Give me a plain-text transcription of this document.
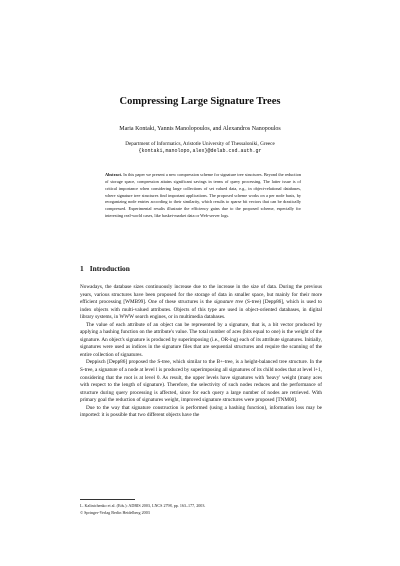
Compressing Large Signature Trees
Maria Kontaki, Yannis Manolopoulos, and Alexandros Nanopoulos
Department of Informatics, Aristotle University of Thessaloniki, Greece
{kontaki,manolopo,alex}@delab.csd.auth.gr
Abstract. In this paper we present a new compression scheme for signature tree structures. Beyond the reduction of storage space, compression attains significant savings in terms of query processing. The latter issue is of critical importance when considering large collections of set valued data, e.g., in object-relational databases, where signature tree structures find important applications. The proposed scheme works on a per node basis, by reorganizing node entries according to their similarity, which results to sparse bit vectors that can be drastically compressed. Experimental results illustrate the efficiency gains due to the proposed scheme, especially for interesting real-world cases, like basket-market data or Web-server logs.
1 Introduction

Nowadays, the database sizes continuously increase due to the increase in the size of data. During the previous years, various structures have been proposed for the storage of data in smaller space, but mainly for their more efficient processing [WMB99]. One of these structures is the signature tree (S-tree) [Depp86], which is used to index objects with multi-valued attributes. Objects of this type are used in object-oriented databases, in digital library systems, in WWW search engines, or in multimedia databases.

The value of each attribute of an object can be represented by a signature, that is, a bit vector produced by applying a hashing function on the attribute's value. The total number of aces (bits equal to one) is the weight of the signature. An object's signature is produced by superimposing (i.e., OR-ing) each of its attribute signatures. Initially, signatures were used as indices in the signature files that are sequential structures and require the scanning of the entire collection of signatures.

Deppisch [Depp86] proposed the S-tree, which similar to the B+-tree, is a height-balanced tree structure. In the S-tree, a signature of a node at level l is produced by superimposing all signatures of its child nodes that at level l+1, considering that the root is at level 0. As result, the upper levels have signatures with 'heavy' weight (many aces with respect to the length of signature). Therefore, the selectivity of such nodes reduces and the performance of structure during query processing is affected, since for each query a large number of nodes are retrieved. With primary goal the reduction of signatures weight, improved signature structures were proposed [TNM00].

Due to the way that signature construction is performed (using a hashing function), information loss may be imported: it is possible that two different objects have the

L. Kalinichenko et al. (Eds.): ADBIS 2003, LNCS 2798, pp. 163–177, 2003.
© Springer-Verlag Berlin Heidelberg 2003
